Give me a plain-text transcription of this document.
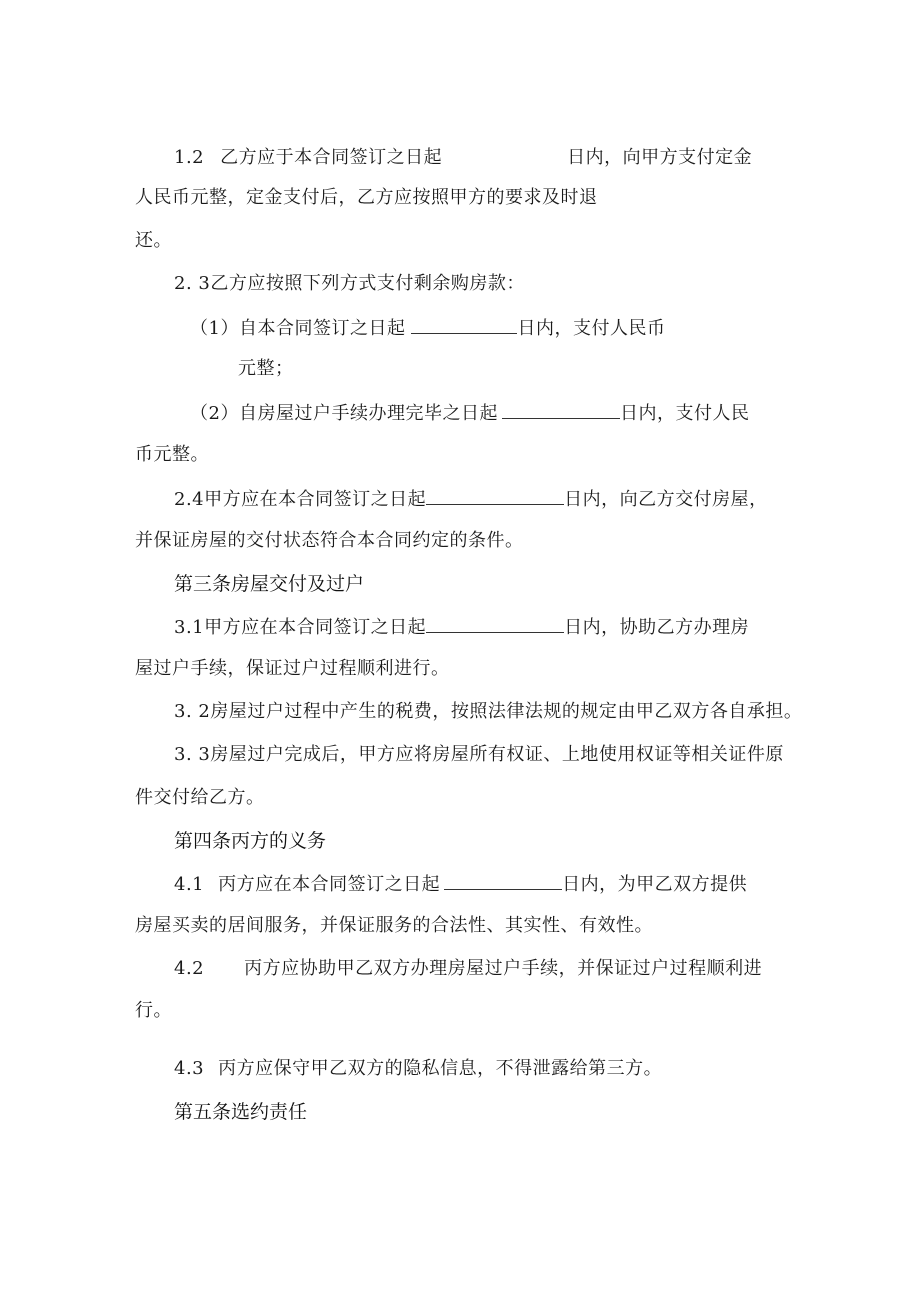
1.2 乙方应于本合同签订之日起	日内，向甲方支付定金
人民币元整，定金支付后，乙方应按照甲方的要求及时退
还。
2. 3乙方应按照下列方式支付剩余购房款：
（1）自本合同签订之日起	日内，支付人民币
元整；
（2）自房屋过户手续办理完毕之日起	日内，支付人民
币元整。
2.4甲方应在本合同签订之日起	日内，向乙方交付房屋，
并保证房屋的交付状态符合本合同约定的条件。
第三条房屋交付及过户
3.1甲方应在本合同签订之日起	日内，协助乙方办理房
屋过户手续，保证过户过程顺利进行。
3. 2房屋过户过程中产生的税费，按照法律法规的规定由甲乙双方各自承担。
3. 3房屋过户完成后，甲方应将房屋所有权证、上地使用权证等相关证件原
件交付给乙方。
第四条丙方的义务
4.1 丙方应在本合同签订之日起	日内，为甲乙双方提供
房屋买卖的居间服务，并保证服务的合法性、其实性、有效性。
4.2 丙方应协助甲乙双方办理房屋过户手续，并保证过户过程顺利进
行。
4.3 丙方应保守甲乙双方的隐私信息，不得泄露给第三方。
第五条选约责任
